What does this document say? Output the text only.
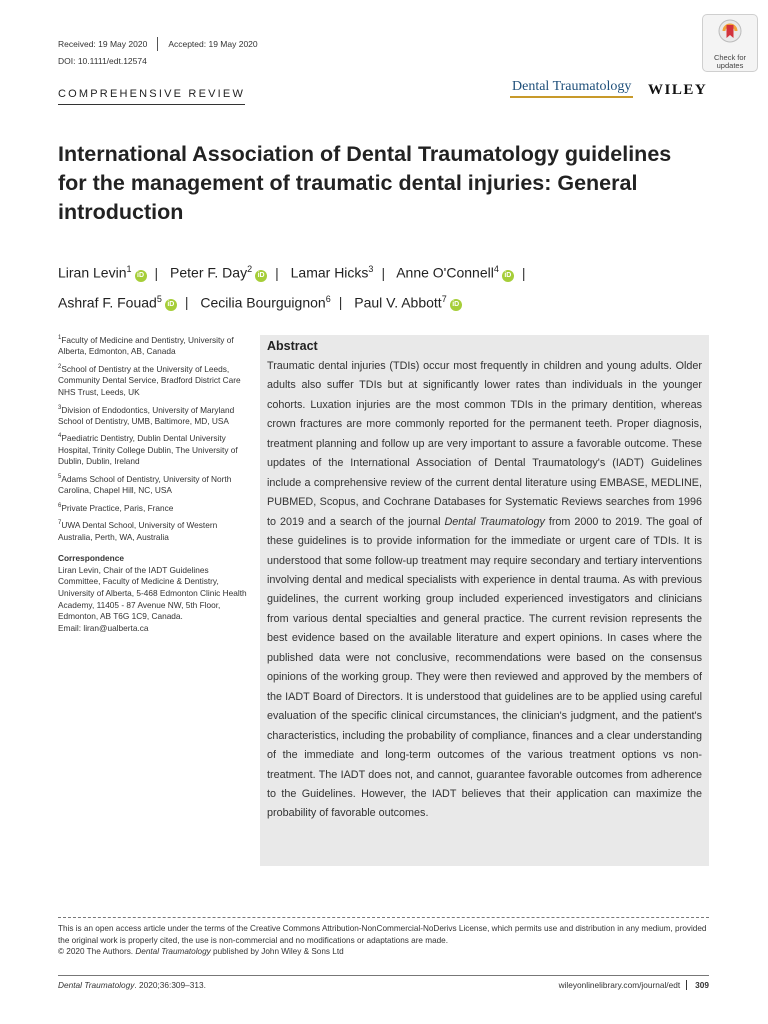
Received: 19 May 2020 Accepted: 19 May 2020
DOI: 10.1111/edt.12574
COMPREHENSIVE REVIEW	Dental Traumatology WILEY
Check for updates
International Association of Dental Traumatology guidelines for the management of traumatic dental injuries: General introduction
Liran Levin$^1$iD | Peter F. Day$^2$iD | Lamar Hicks$^3$ | Anne O'Connell$^4$iD |
Ashraf F. Fouad$^5$iD | Cecilia Bourguignon$^6$ | Paul V. Abbott$^7$iD

$^1$Faculty of Medicine and Dentistry, University of Alberta, Edmonton, AB, Canada

$^2$School of Dentistry at the University of Leeds, Community Dental Service, Bradford District Care NHS Trust, Leeds, UK

$^3$Division of Endodontics, University of Maryland School of Dentistry, UMB, Baltimore, MD, USA

$^4$Paediatric Dentistry, Dublin Dental University Hospital, Trinity College Dublin, The University of Dublin, Dublin, Ireland

$^5$Adams School of Dentistry, University of North Carolina, Chapel Hill, NC, USA

$^6$Private Practice, Paris, France

$^7$UWA Dental School, University of Western Australia, Perth, WA, Australia

Correspondence
Liran Levin, Chair of the IADT Guidelines Committee, Faculty of Medicine & Dentistry, University of Alberta, 5-468 Edmonton Clinic Health Academy, 11405 - 87 Avenue NW, 5th Floor, Edmonton, AB T6G 1C9, Canada.
Email: liran@ualberta.ca
Abstract
Traumatic dental injuries (TDIs) occur most frequently in children and young adults. Older adults also suffer TDIs but at significantly lower rates than individuals in the younger cohorts. Luxation injuries are the most common TDIs in the primary dentition, whereas crown fractures are more commonly reported for the permanent teeth. Proper diagnosis, treatment planning and follow up are very important to assure a favorable outcome. These updates of the International Association of Dental Traumatology's (IADT) Guidelines include a comprehensive review of the current dental literature using EMBASE, MEDLINE, PUBMED, Scopus, and Cochrane Databases for Systematic Reviews searches from 1996 to 2019 and a search of the journal Dental Traumatology from 2000 to 2019. The goal of these guidelines is to provide information for the immediate or urgent care of TDIs. It is understood that some follow-up treatment may require secondary and tertiary interventions involving dental and medical specialists with experience in dental trauma. As with previous guidelines, the current working group included experienced investigators and clinicians from various dental specialties and general practice. The current revision represents the best evidence based on the available literature and expert opinions. In cases where the published data were not conclusive, recommendations were based on the consensus opinions of the working group. They were then reviewed and approved by the members of the IADT Board of Directors. It is understood that guidelines are to be applied using careful evaluation of the specific clinical circumstances, the clinician's judgment, and the patient's characteristics, including the probability of compliance, finances and a clear understanding of the immediate and long-term outcomes of the various treatment options vs non-treatment. The IADT does not, and cannot, guarantee favorable outcomes from adherence to the Guidelines. However, the IADT believes that their application can maximize the probability of favorable outcomes.
This is an open access article under the terms of the Creative Commons Attribution-NonCommercial-NoDerivs License, which permits use and distribution in any medium, provided the original work is properly cited, the use is non-commercial and no modifications or adaptations are made.
© 2020 The Authors. Dental Traumatology published by John Wiley & Sons Ltd
Dental Traumatology. 2020;36:309–313.	wileyonlinelibrary.com/journal/edt 309
